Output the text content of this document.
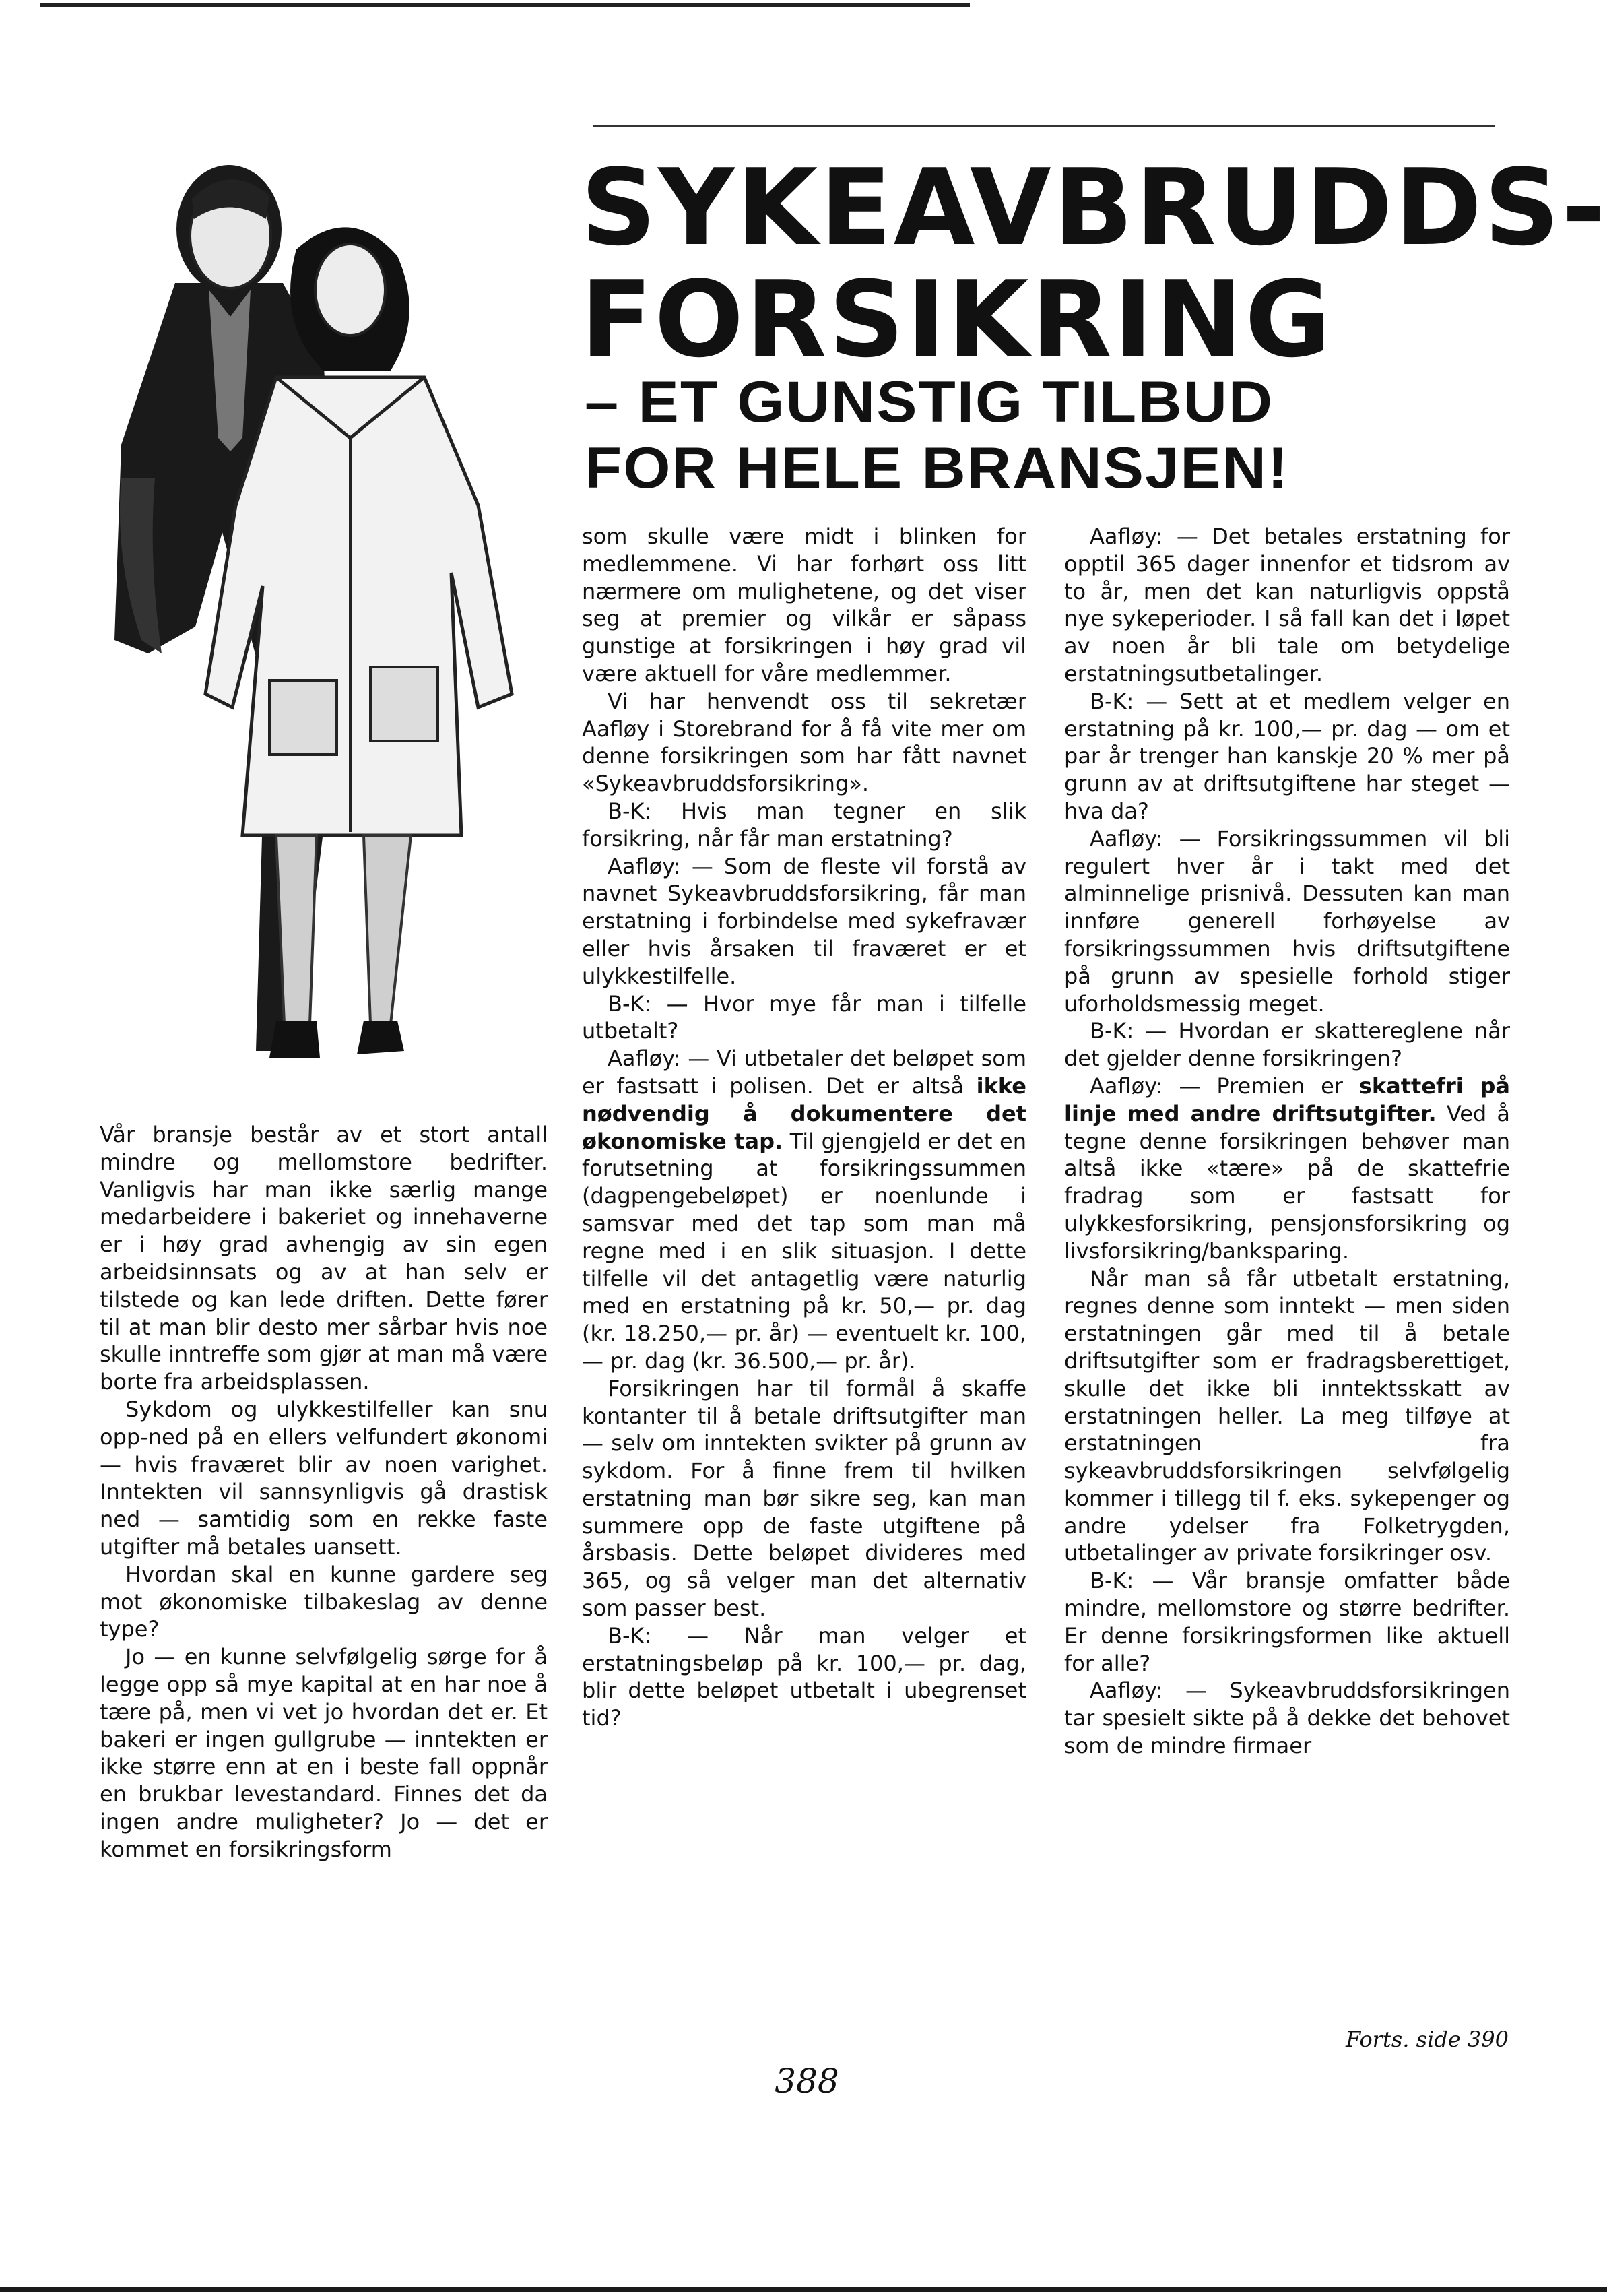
SYKEAVBRUDDS-
FORSIKRING
– ET GUNSTIG TILBUD
FOR HELE BRANSJEN!

Vår bransje består av et stort antall mindre og mellomstore bedrifter. Vanligvis har man ikke særlig mange medarbeidere i bakeriet og innehaverne er i høy grad avhengig av sin egen arbeidsinnsats og av at han selv er tilstede og kan lede driften. Dette fører til at man blir desto mer sårbar hvis noe skulle inntreffe som gjør at man må være borte fra arbeidsplassen.

Sykdom og ulykkestilfeller kan snu opp-ned på en ellers velfundert økonomi — hvis fraværet blir av noen varighet. Inntekten vil sannsynligvis gå drastisk ned — samtidig som en rekke faste utgifter må betales uansett.

Hvordan skal en kunne gardere seg mot økonomiske tilbakeslag av denne type?

Jo — en kunne selvfølgelig sørge for å legge opp så mye kapital at en har noe å tære på, men vi vet jo hvordan det er. Et bakeri er ingen gullgrube — inntekten er ikke større enn at en i beste fall oppnår en brukbar levestandard. Finnes det da ingen andre muligheter? Jo — det er kommet en forsikringsform

som skulle være midt i blinken for medlemmene. Vi har forhørt oss litt nærmere om mulighetene, og det viser seg at premier og vilkår er såpass gunstige at forsikringen i høy grad vil være aktuell for våre medlemmer.

Vi har henvendt oss til sekretær Aafløy i Storebrand for å få vite mer om denne forsikringen som har fått navnet «Sykeavbruddsforsikring».

B-K: Hvis man tegner en slik forsikring, når får man erstatning?

Aafløy: — Som de fleste vil forstå av navnet Sykeavbruddsforsikring, får man erstatning i forbindelse med sykefravær eller hvis årsaken til fraværet er et ulykkestilfelle.

B-K: — Hvor mye får man i tilfelle utbetalt?

Aafløy: — Vi utbetaler det beløpet som er fastsatt i polisen. Det er altså ikke nødvendig å dokumentere det økonomiske tap. Til gjengjeld er det en forutsetning at forsikringssummen (dagpengebeløpet) er noenlunde i samsvar med det tap som man må regne med i en slik situasjon. I dette tilfelle vil det antagetlig være naturlig med en erstatning på kr. 50,— pr. dag (kr. 18.250,— pr. år) — eventuelt kr. 100,— pr. dag (kr. 36.500,— pr. år).

Forsikringen har til formål å skaffe kontanter til å betale driftsutgifter man — selv om inntekten svikter på grunn av sykdom. For å finne frem til hvilken erstatning man bør sikre seg, kan man summere opp de faste utgiftene på årsbasis. Dette beløpet divideres med 365, og så velger man det alternativ som passer best.

B-K: — Når man velger et erstatningsbeløp på kr. 100,— pr. dag, blir dette beløpet utbetalt i ubegrenset tid?

Aafløy: — Det betales erstatning for opptil 365 dager innenfor et tidsrom av to år, men det kan naturligvis oppstå nye sykeperioder. I så fall kan det i løpet av noen år bli tale om betydelige erstatningsutbetalinger.

B-K: — Sett at et medlem velger en erstatning på kr. 100,— pr. dag — om et par år trenger han kanskje 20 % mer på grunn av at driftsutgiftene har steget — hva da?

Aafløy: — Forsikringssummen vil bli regulert hver år i takt med det alminnelige prisnivå. Dessuten kan man innføre generell forhøyelse av forsikringssummen hvis driftsutgiftene på grunn av spesielle forhold stiger uforholdsmessig meget.

B-K: — Hvordan er skattereglene når det gjelder denne forsikringen?

Aafløy: — Premien er skattefri på linje med andre driftsutgifter. Ved å tegne denne forsikringen behøver man altså ikke «tære» på de skattefrie fradrag som er fastsatt for ulykkesforsikring, pensjonsforsikring og livsforsikring/banksparing.

Når man så får utbetalt erstatning, regnes denne som inntekt — men siden erstatningen går med til å betale driftsutgifter som er fradragsberettiget, skulle det ikke bli inntektsskatt av erstatningen heller. La meg tilføye at erstatningen fra sykeavbruddsforsikringen selvfølgelig kommer i tillegg til f. eks. sykepenger og andre ydelser fra Folketrygden, utbetalinger av private forsikringer osv.

B-K: — Vår bransje omfatter både mindre, mellomstore og større bedrifter. Er denne forsikringsformen like aktuell for alle?

Aafløy: — Sykeavbruddsforsikringen tar spesielt sikte på å dekke det behovet som de mindre firmaer

Forts. side 390
388
